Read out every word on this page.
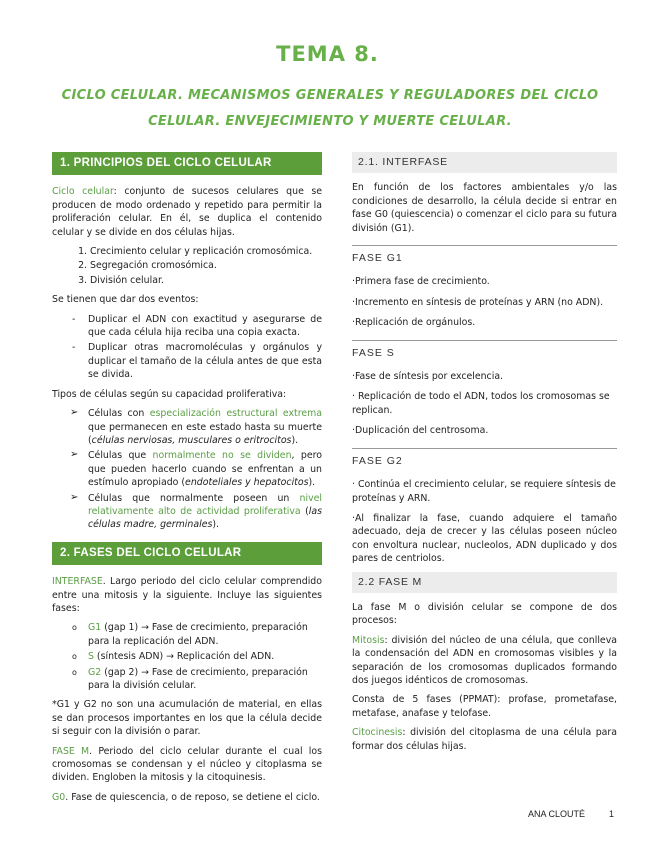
TEMA 8.
CICLO CELULAR. MECANISMOS GENERALES Y REGULADORES DEL CICLO CELULAR. ENVEJECIMIENTO Y MUERTE CELULAR.
1. PRINCIPIOS DEL CICLO CELULAR

Ciclo celular: conjunto de sucesos celulares que se producen de modo ordenado y repetido para permitir la proliferación celular. En él, se duplica el contenido celular y se divide en dos células hijas.

1. Crecimiento celular y replicación cromosómica.
2. Segregación cromosómica.
3. División celular.

Se tienen que dar dos eventos:

- Duplicar el ADN con exactitud y asegurarse de que cada célula hija reciba una copia exacta.
- Duplicar otras macromoléculas y orgánulos y duplicar el tamaño de la célula antes de que esta se divida.

Tipos de células según su capacidad proliferativa:

➢ Células con especialización estructural extrema que permanecen en este estado hasta su muerte (células nerviosas, musculares o eritrocitos).
➢ Células que normalmente no se dividen, pero que pueden hacerlo cuando se enfrentan a un estímulo apropiado (endoteliales y hepatocitos).
➢ Células que normalmente poseen un nivel relativamente alto de actividad proliferativa (las células madre, germinales).
2. FASES DEL CICLO CELULAR

INTERFASE. Largo periodo del ciclo celular comprendido entre una mitosis y la siguiente. Incluye las siguientes fases:

o G1 (gap 1) → Fase de crecimiento, preparación para la replicación del ADN.
o S (síntesis ADN) → Replicación del ADN.
o G2 (gap 2) → Fase de crecimiento, preparación para la división celular.

*G1 y G2 no son una acumulación de material, en ellas se dan procesos importantes en los que la célula decide si seguir con la división o parar.

FASE M. Periodo del ciclo celular durante el cual los cromosomas se condensan y el núcleo y citoplasma se dividen. Engloben la mitosis y la citoquinesis.

G0. Fase de quiescencia, o de reposo, se detiene el ciclo.

2.1. INTERFASE

En función de los factores ambientales y/o las condiciones de desarrollo, la célula decide si entrar en fase G0 (quiescencia) o comenzar el ciclo para su futura división (G1).

FASE G1
·Primera fase de crecimiento.
·Incremento en síntesis de proteínas y ARN (no ADN).
·Replicación de orgánulos.
FASE S
·Fase de síntesis por excelencia.
· Replicación de todo el ADN, todos los cromosomas se replican.
·Duplicación del centrosoma.
FASE G2
· Continúa el crecimiento celular, se requiere síntesis de proteínas y ARN.

·Al finalizar la fase, cuando adquiere el tamaño adecuado, deja de crecer y las células poseen núcleo con envoltura nuclear, nucleolos, ADN duplicado y dos pares de centriolos.

2.2 FASE M

La fase M o división celular se compone de dos procesos:

Mitosis: división del núcleo de una célula, que conlleva la condensación del ADN en cromosomas visibles y la separación de los cromosomas duplicados formando dos juegos idénticos de cromosomas.

Consta de 5 fases (PPMAT): profase, prometafase, metafase, anafase y telofase.

Citocinesis: división del citoplasma de una célula para formar dos células hijas.

ANA CLOUTÉ	1
